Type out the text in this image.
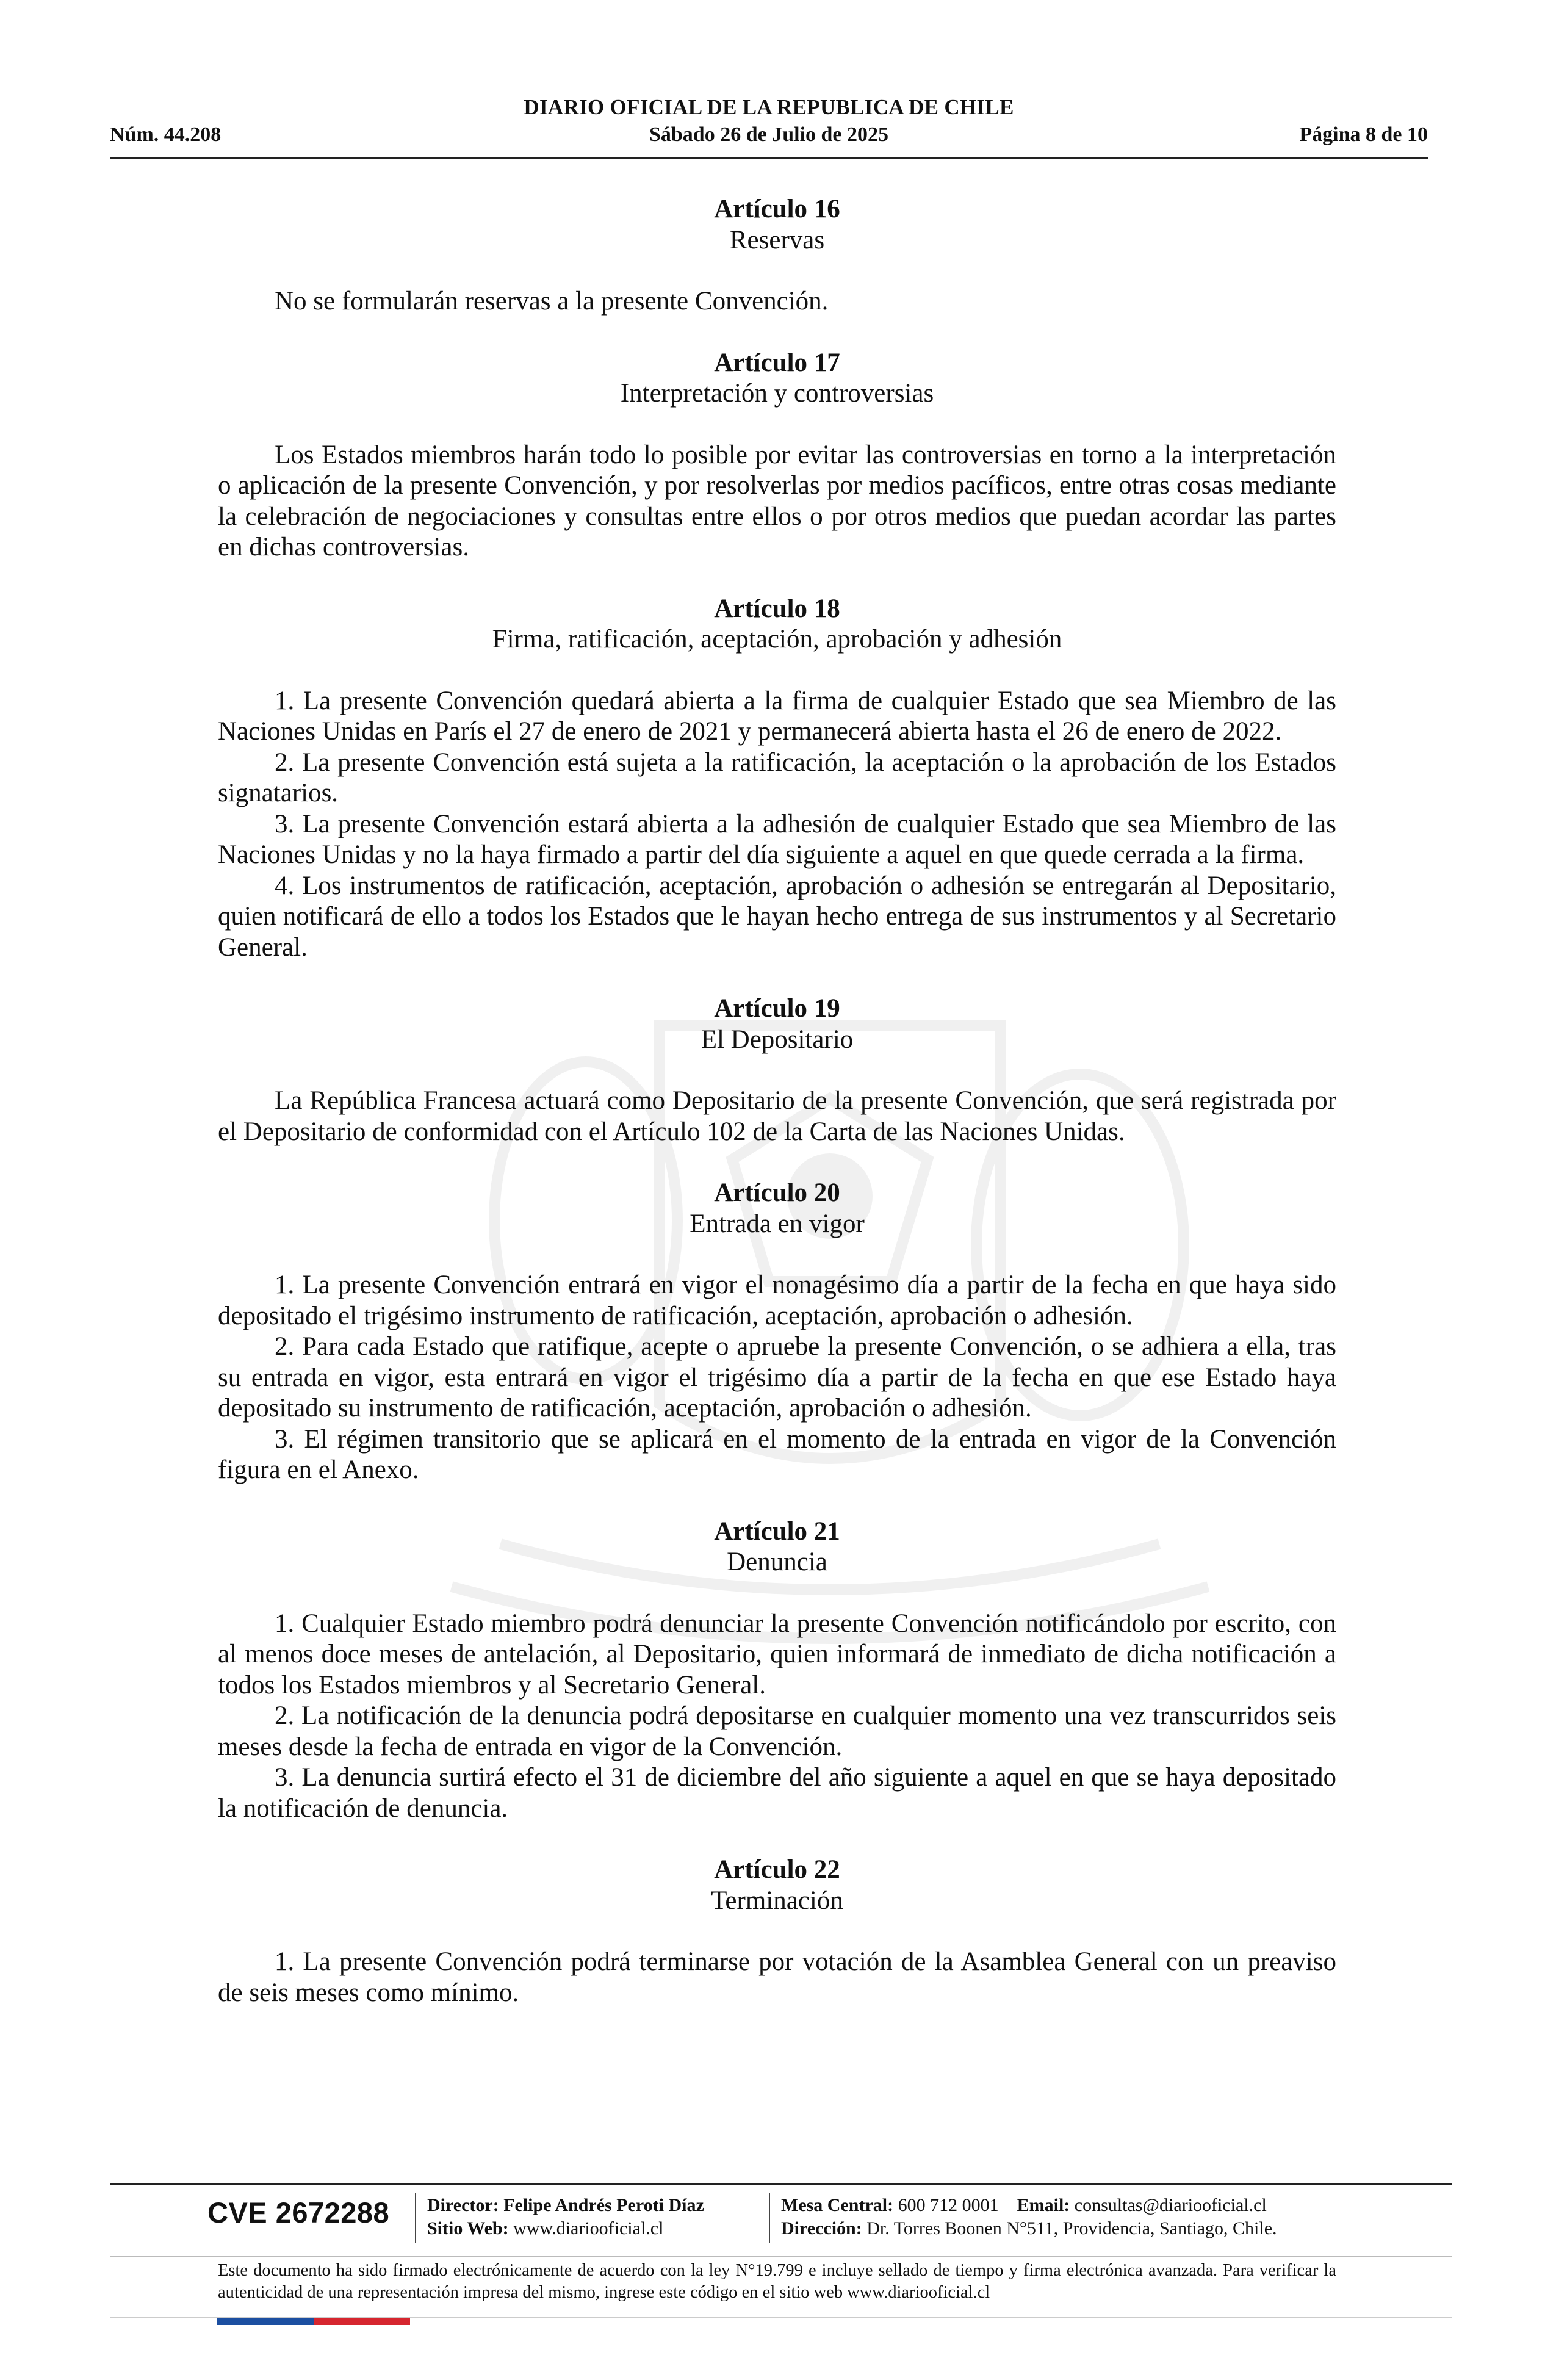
DIARIO OFICIAL DE LA REPUBLICA DE CHILE
Núm. 44.208	Sábado 26 de Julio de 2025	Página 8 de 10

Artículo 16

Reservas

No se formularán reservas a la presente Convención.

Artículo 17

Interpretación y controversias

Los Estados miembros harán todo lo posible por evitar las controversias en torno a la interpretación o aplicación de la presente Convención, y por resolverlas por medios pacíficos, entre otras cosas mediante la celebración de negociaciones y consultas entre ellos o por otros medios que puedan acordar las partes en dichas controversias.

Artículo 18

Firma, ratificación, aceptación, aprobación y adhesión

1. La presente Convención quedará abierta a la firma de cualquier Estado que sea Miembro de las Naciones Unidas en París el 27 de enero de 2021 y permanecerá abierta hasta el 26 de enero de 2022.

2. La presente Convención está sujeta a la ratificación, la aceptación o la aprobación de los Estados signatarios.

3. La presente Convención estará abierta a la adhesión de cualquier Estado que sea Miembro de las Naciones Unidas y no la haya firmado a partir del día siguiente a aquel en que quede cerrada a la firma.

4. Los instrumentos de ratificación, aceptación, aprobación o adhesión se entregarán al Depositario, quien notificará de ello a todos los Estados que le hayan hecho entrega de sus instrumentos y al Secretario General.

Artículo 19

El Depositario

La República Francesa actuará como Depositario de la presente Convención, que será registrada por el Depositario de conformidad con el Artículo 102 de la Carta de las Naciones Unidas.

Artículo 20

Entrada en vigor

1. La presente Convención entrará en vigor el nonagésimo día a partir de la fecha en que haya sido depositado el trigésimo instrumento de ratificación, aceptación, aprobación o adhesión.

2. Para cada Estado que ratifique, acepte o apruebe la presente Convención, o se adhiera a ella, tras su entrada en vigor, esta entrará en vigor el trigésimo día a partir de la fecha en que ese Estado haya depositado su instrumento de ratificación, aceptación, aprobación o adhesión.

3. El régimen transitorio que se aplicará en el momento de la entrada en vigor de la Convención figura en el Anexo.

Artículo 21

Denuncia

1. Cualquier Estado miembro podrá denunciar la presente Convención notificándolo por escrito, con al menos doce meses de antelación, al Depositario, quien informará de inmediato de dicha notificación a todos los Estados miembros y al Secretario General.

2. La notificación de la denuncia podrá depositarse en cualquier momento una vez transcurridos seis meses desde la fecha de entrada en vigor de la Convención.

3. La denuncia surtirá efecto el 31 de diciembre del año siguiente a aquel en que se haya depositado la notificación de denuncia.

Artículo 22

Terminación

1. La presente Convención podrá terminarse por votación de la Asamblea General con un preaviso de seis meses como mínimo.

CVE 2672288 Director: Felipe Andrés Peroti Díaz
Sitio Web: www.diariooficial.cl
Mesa Central: 600 712 0001 Email: consultas@diariooficial.cl
Dirección: Dr. Torres Boonen N°511, Providencia, Santiago, Chile.
Este documento ha sido firmado electrónicamente de acuerdo con la ley N°19.799 e incluye sellado de tiempo y firma electrónica avanzada. Para verificar la autenticidad de una representación impresa del mismo, ingrese este código en el sitio web www.diariooficial.cl
